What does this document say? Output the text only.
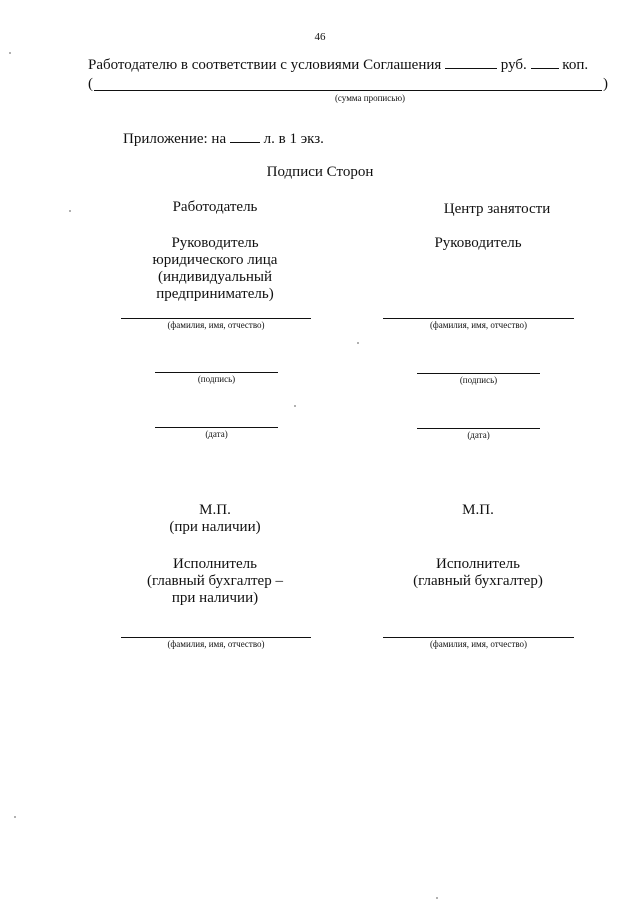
46
Работодателю в соответствии с условиями Соглашения	руб. коп.
(	)
(сумма прописью)
Приложение: на	л. в 1 экз.
Подписи Сторон
Работодатель
Руководитель
юридического лица
(индивидуальный
предприниматель)
(фамилия, имя, отчество)
(подпись)
(дата)
М.П.
(при наличии)
Исполнитель
(главный бухгалтер –
при наличии)
(фамилия, имя, отчество)
Центр занятости
Руководитель
(фамилия, имя, отчество)
(подпись)
(дата)
М.П.
Исполнитель
(главный бухгалтер)
(фамилия, имя, отчество)
